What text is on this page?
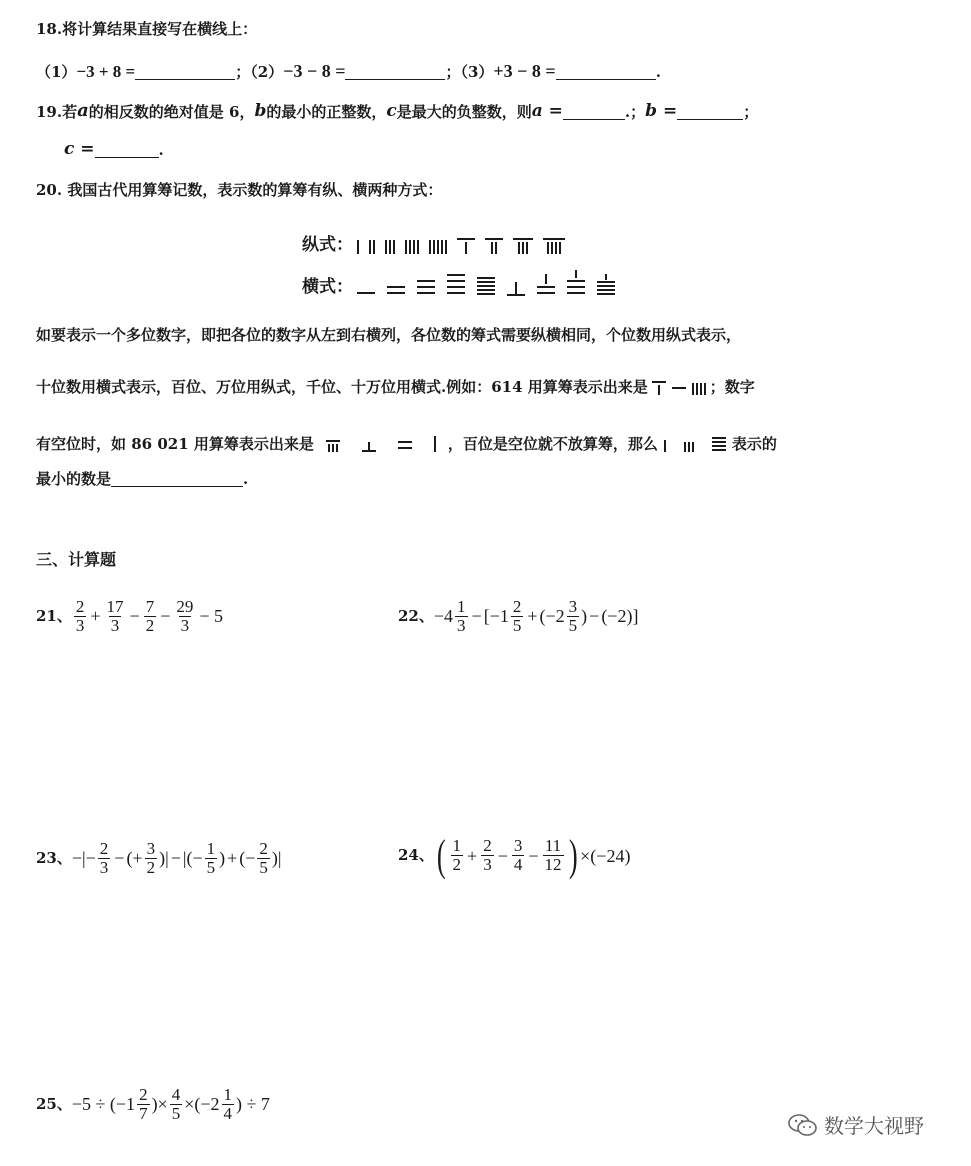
18.将计算结果直接写在横线上：
（1） −3 + 8 =	；（2） −3 − 8 =	；（3） +3 − 8 =	.
19.若 a 的相反数的绝对值是 6， b 的最小的正整数， c 是最大的负整数，则 a =	.； b =	；
c =	.
20. 我国古代用算筹记数，表示数的算筹有纵、横两种方式：
纵式：
横式：
如要表示一个多位数字，即把各位的数字从左到右横列，各位数的筹式需要纵横相同，个位数用纵式表示，
十位数用横式表示，百位、万位用纵式，千位、十万位用横式.例如：614 用算筹表示出来是	；数字
有空位时，如 86 021 用算筹表示出来是	，百位是空位就不放算筹，那么	表示的
最小的数是	.
三、计算题
21、 $\frac{2}{3} + \frac{17}{3} - \frac{7}{2} - \frac{29}{3} - 5$	22、 $-4 \frac{1}{3} - [-1 \frac{2}{5} + (-2 \frac{3}{5}$ ) − (−2)]
23、 −|− $\frac{2}{3}$ − (+ $\frac{3}{2}$ )| − |(− $\frac{1}{5}$ ) + (− $\frac{2}{5}$ )|	24、 ( $\frac{1}{2} + \frac{2}{3} - \frac{3}{4} - \frac{11}{12}$ ) ×(−24)
25、 $-5 \div (-1 \frac{2}{7}$ )× $\frac{4}{5} \times(-2 \frac{1}{4}$ ) ÷ 7
数学大视野
